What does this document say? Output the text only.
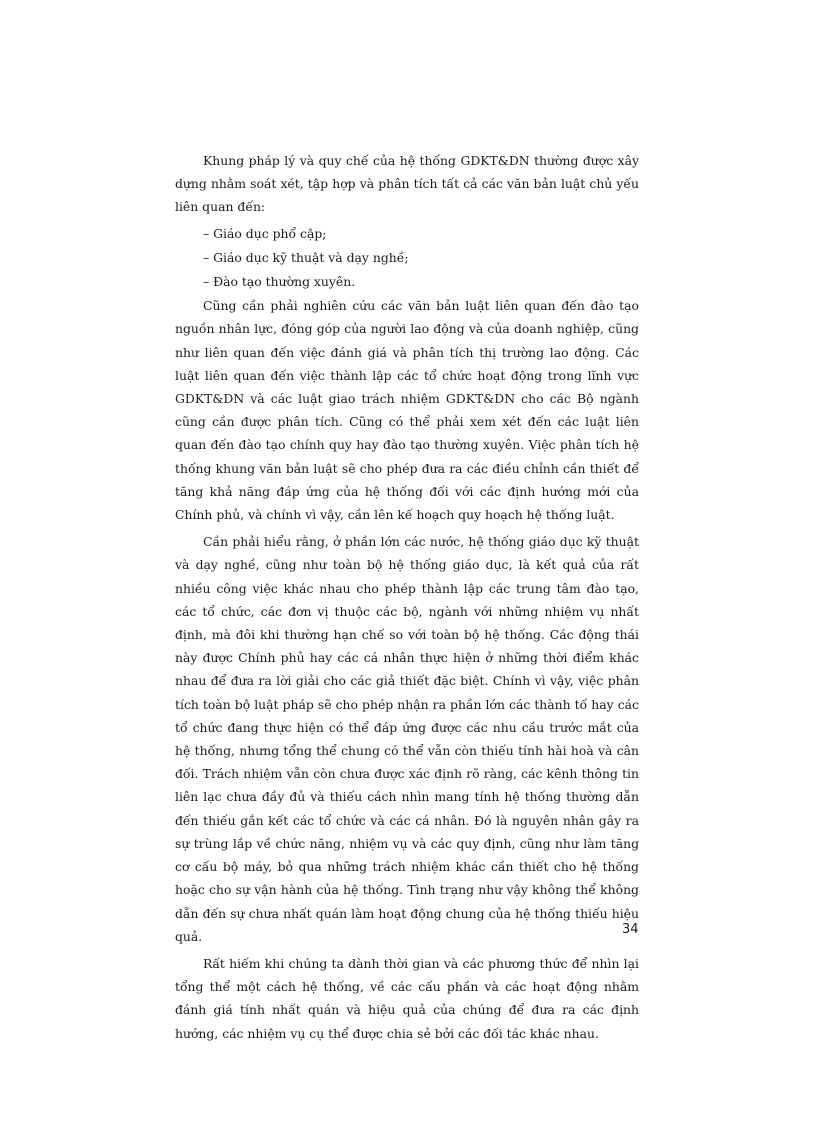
Khung pháp lý và quy chế của hệ thống GDKT&DN thường được xây dựng nhằm soát xét, tập hợp và phân tích tất cả các văn bản luật chủ yếu liên quan đến:

– Giáo dục phổ cập;
– Giáo dục kỹ thuật và dạy nghề;
– Đào tạo thường xuyên.

Cũng cần phải nghiên cứu các văn bản luật liên quan đến đào tạo nguồn nhân lực, đóng góp của người lao động và của doanh nghiệp, cũng như liên quan đến việc đánh giá và phân tích thị trường lao động. Các luật liên quan đến việc thành lập các tổ chức hoạt động trong lĩnh vực GDKT&DN và các luật giao trách nhiệm GDKT&DN cho các Bộ ngành cũng cần được phân tích. Cũng có thể phải xem xét đến các luật liên quan đến đào tạo chính quy hay đào tạo thường xuyên. Việc phân tích hệ thống khung văn bản luật sẽ cho phép đưa ra các điều chỉnh cần thiết để tăng khả năng đáp ứng của hệ thống đối với các định hướng mới của Chính phủ, và chính vì vậy, cần lên kế hoạch quy hoạch hệ thống luật.

Cần phải hiểu rằng, ở phần lớn các nước, hệ thống giáo dục kỹ thuật và dạy nghề, cũng như toàn bộ hệ thống giáo dục, là kết quả của rất nhiều công việc khác nhau cho phép thành lập các trung tâm đào tạo, các tổ chức, các đơn vị thuộc các bộ, ngành với những nhiệm vụ nhất định, mà đôi khi thường hạn chế so với toàn bộ hệ thống. Các động thái này được Chính phủ hay các cá nhân thực hiện ở những thời điểm khác nhau để đưa ra lời giải cho các giả thiết đặc biệt. Chính vì vậy, việc phân tích toàn bộ luật pháp sẽ cho phép nhận ra phần lớn các thành tố hay các tổ chức đang thực hiện có thể đáp ứng được các nhu cầu trước mắt của hệ thống, nhưng tổng thể chung có thể vẫn còn thiếu tính hài hoà và cân đối. Trách nhiệm vẫn còn chưa được xác định rõ ràng, các kênh thông tin liên lạc chưa đầy đủ và thiếu cách nhìn mang tính hệ thống thường dẫn đến thiếu gắn kết các tổ chức và các cá nhân. Đó là nguyên nhân gây ra sự trùng lắp về chức năng, nhiệm vụ và các quy định, cũng như làm tăng cơ cấu bộ máy, bỏ qua những trách nhiệm khác cần thiết cho hệ thống hoặc cho sự vận hành của hệ thống. Tình trạng như vậy không thể không dẫn đến sự chưa nhất quán làm hoạt động chung của hệ thống thiếu hiệu quả.

Rất hiếm khi chúng ta dành thời gian và các phương thức để nhìn lại tổng thể một cách hệ thống, về các cấu phần và các hoạt động nhằm đánh giá tính nhất quán và hiệu quả của chúng để đưa ra các định hướng, các nhiệm vụ cụ thể được chia sẻ bởi các đối tác khác nhau.

34
